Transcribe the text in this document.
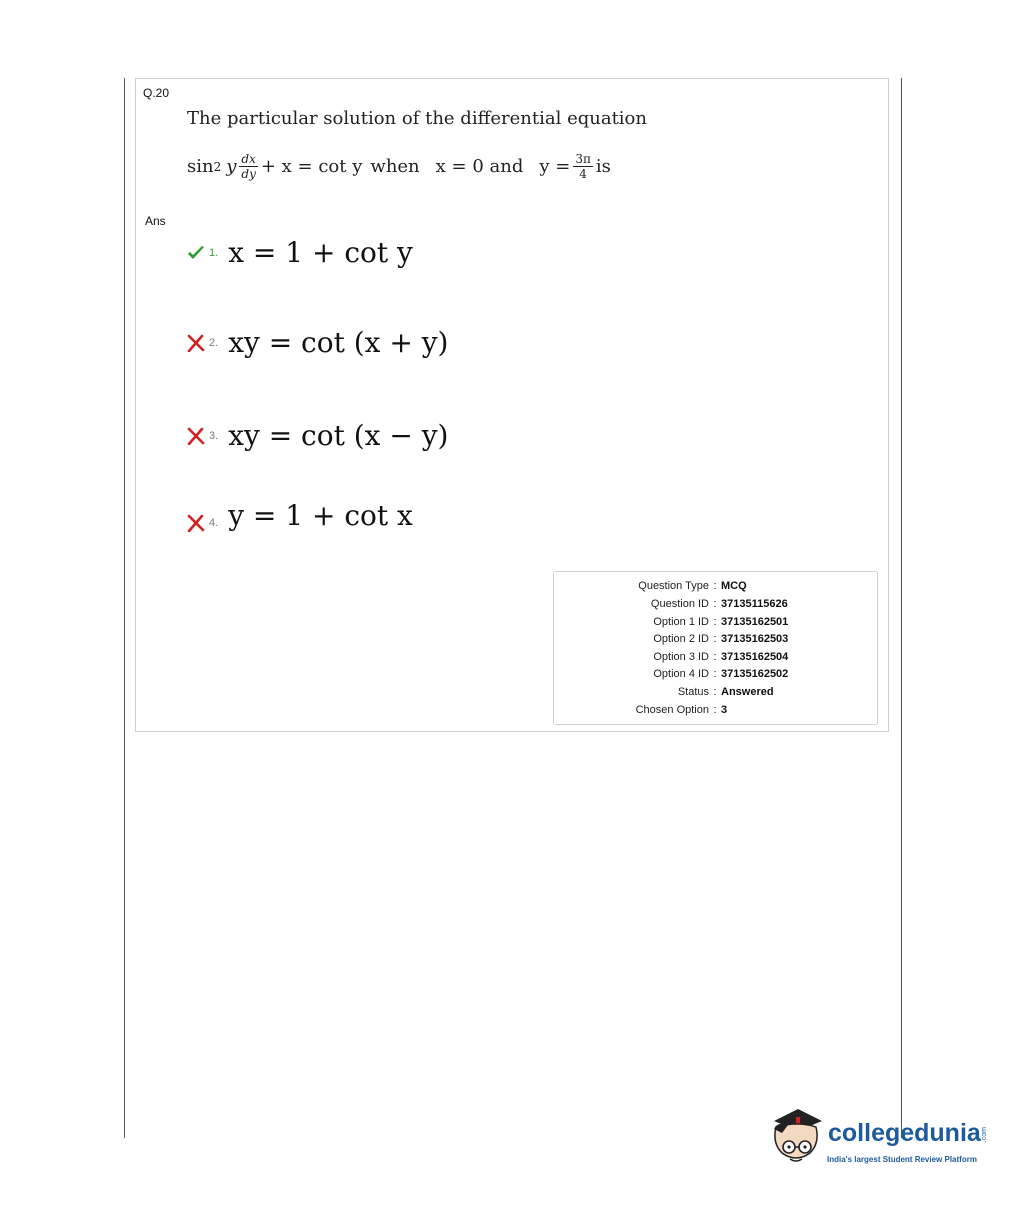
Q.20
The particular solution of the differential equation
sin 2 y $\frac{dx}{dy} + x = \cot y$ when x = 0 and $y = \frac{3\pi}{4}$ is
Ans
1. x = 1 + cot y
2. xy = cot (x + y)
3. xy = cot (x − y)
4. y = 1 + cot x
Question Type : MCQ
Question ID : 37135115626
Option 1 ID : 37135162501
Option 2 ID : 37135162503
Option 3 ID : 37135162504
Option 4 ID : 37135162502
Status : Answered
Chosen Option : 3
collegedunia .com
India's largest Student Review Platform
